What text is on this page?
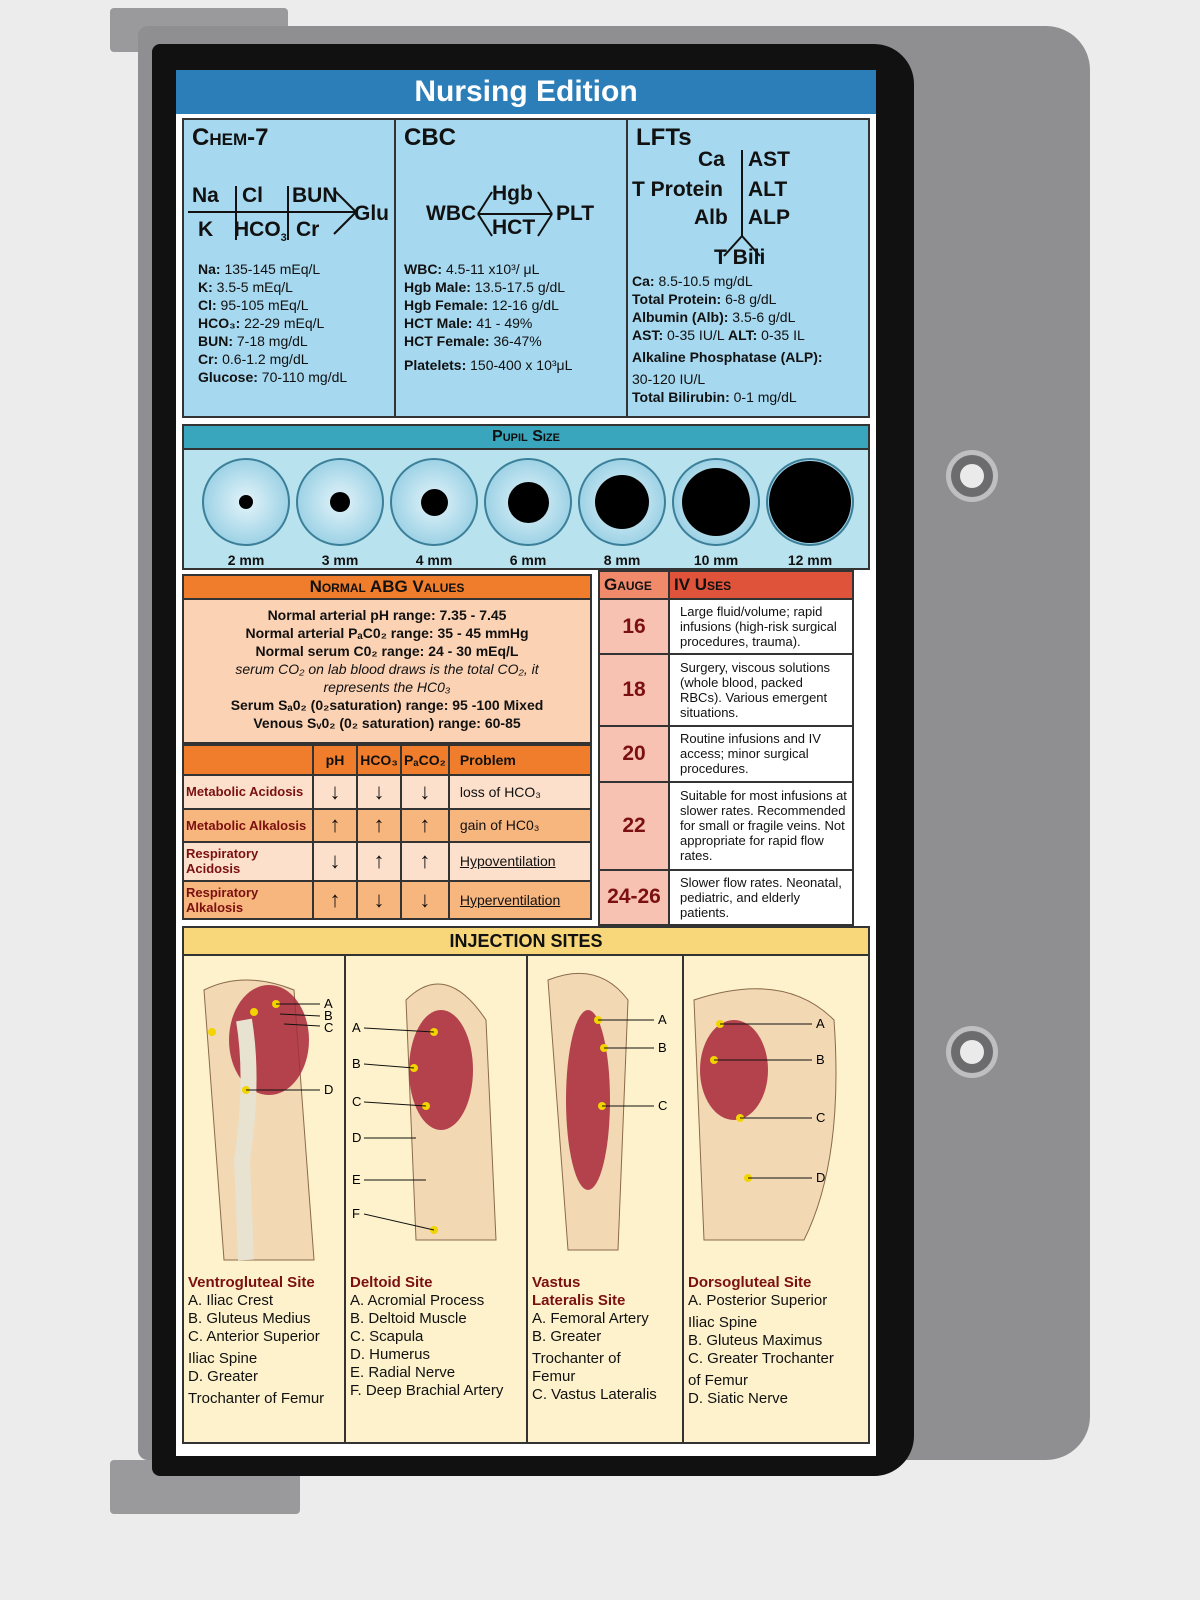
Nursing Edition
Chem-7
Na Cl BUN
K $HCO_3$ Cr
Glu
Na: 135-145 mEq/L
K: 3.5-5 mEq/L
Cl: 95-105 mEq/L
HCO₃: 22-29 mEq/L
BUN: 7-18 mg/dL
Cr: 0.6-1.2 mg/dL
Glucose: 70-110 mg/dL
CBC
WBC
Hgb
HCT
PLT
WBC: 4.5-11 x10³/ μL
Hgb Male: 13.5-17.5 g/dL
Hgb Female: 12-16 g/dL
HCT Male: 41 - 49%
HCT Female: 36-47%
Platelets: 150-400 x 10³μL
LFTs
Ca AST
T Protein ALT
Alb ALP
T Bili
Ca: 8.5-10.5 mg/dL
Total Protein: 6-8 g/dL
Albumin (Alb): 3.5-6 g/dL
AST: 0-35 IU/L ALT: 0-35 IL
Alkaline Phosphatase (ALP):
30-120 IU/L
Total Bilirubin: 0-1 mg/dL
Pupil Size
2 mm	3 mm	4 mm	6 mm	8 mm	10 mm	12 mm
Normal ABG Values
Normal arterial pH range: 7.35 - 7.45
Normal arterial PₐC0₂ range: 35 - 45 mmHg
Normal serum C0₂ range: 24 - 30 mEq/L
serum CO₂ on lab blood draws is the total CO₂, it
represents the HC0₃
Serum Sₐ0₂ (0₂saturation) range: 95 -100 Mixed
Venous Sᵥ0₂ (0₂ saturation) range: 60-85
	pH	HCO₃	PₐCO₂	Problem
Metabolic Acidosis	↓	↓	↓	loss of HCO₃
Metabolic Alkalosis	↑	↑	↑	gain of HC0₃
Respiratory Acidosis	↓	↑	↑	Hypoventilation
Respiratory Alkalosis	↑	↓	↓	Hyperventilation
Gauge	IV Uses
16	Large fluid/volume; rapid infusions (high-risk surgical procedures, trauma).
18	Surgery, viscous solutions (whole blood, packed RBCs). Various emergent situations.
20	Routine infusions and IV access; minor surgical procedures.
22	Suitable for most infusions at slower rates. Recommended for small or fragile veins. Not appropriate for rapid flow rates.
24-26	Slower flow rates. Neonatal, pediatric, and elderly patients.
INJECTION SITES
A
B
C
D
Ventrogluteal Site
A. Iliac Crest
B. Gluteus Medius
C. Anterior Superior
Iliac Spine
D. Greater
Trochanter of Femur
A
B
C
D
E
F
Deltoid Site
A. Acromial Process
B. Deltoid Muscle
C. Scapula
D. Humerus
E. Radial Nerve
F. Deep Brachial Artery
A
B
C
Vastus Lateralis Site
A. Femoral Artery
B. Greater
Trochanter of
Femur
C. Vastus Lateralis
A
B
C
D
Dorsogluteal Site
A. Posterior Superior
Iliac Spine
B. Gluteus Maximus
C. Greater Trochanter
of Femur
D. Siatic Nerve
